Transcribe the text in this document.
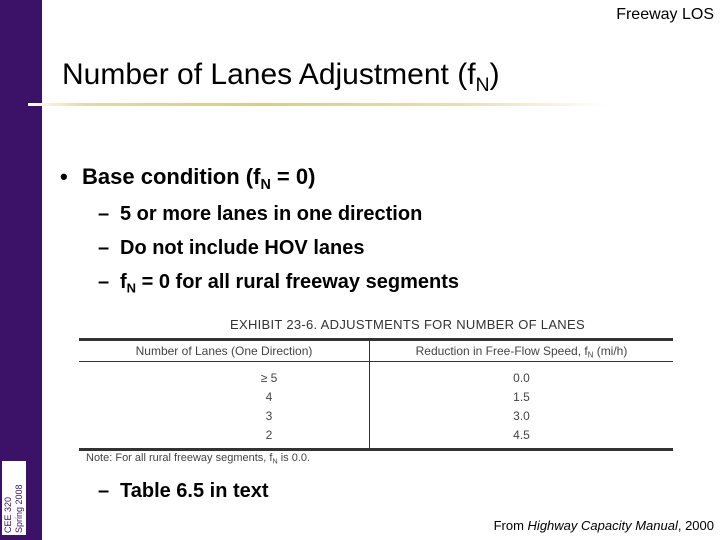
CEE 320 Spring 2008
Freeway LOS
Number of Lanes Adjustment $(f_N)$
• Base condition $(f_N = 0)$
– 5 or more lanes in one direction
– Do not include HOV lanes
– $f_N = 0$ for all rural freeway segments
EXHIBIT 23-6. ADJUSTMENTS FOR NUMBER OF LANES
Number of Lanes (One Direction)	Reduction in Free-Flow Speed, $f_N$ (mi/h)
≥ 5	0.0
4	1.5
3	3.0
2	4.5
Note: For all rural freeway segments, $f_N$ is 0.0.
– Table 6.5 in text
From Highway Capacity Manual, 2000
